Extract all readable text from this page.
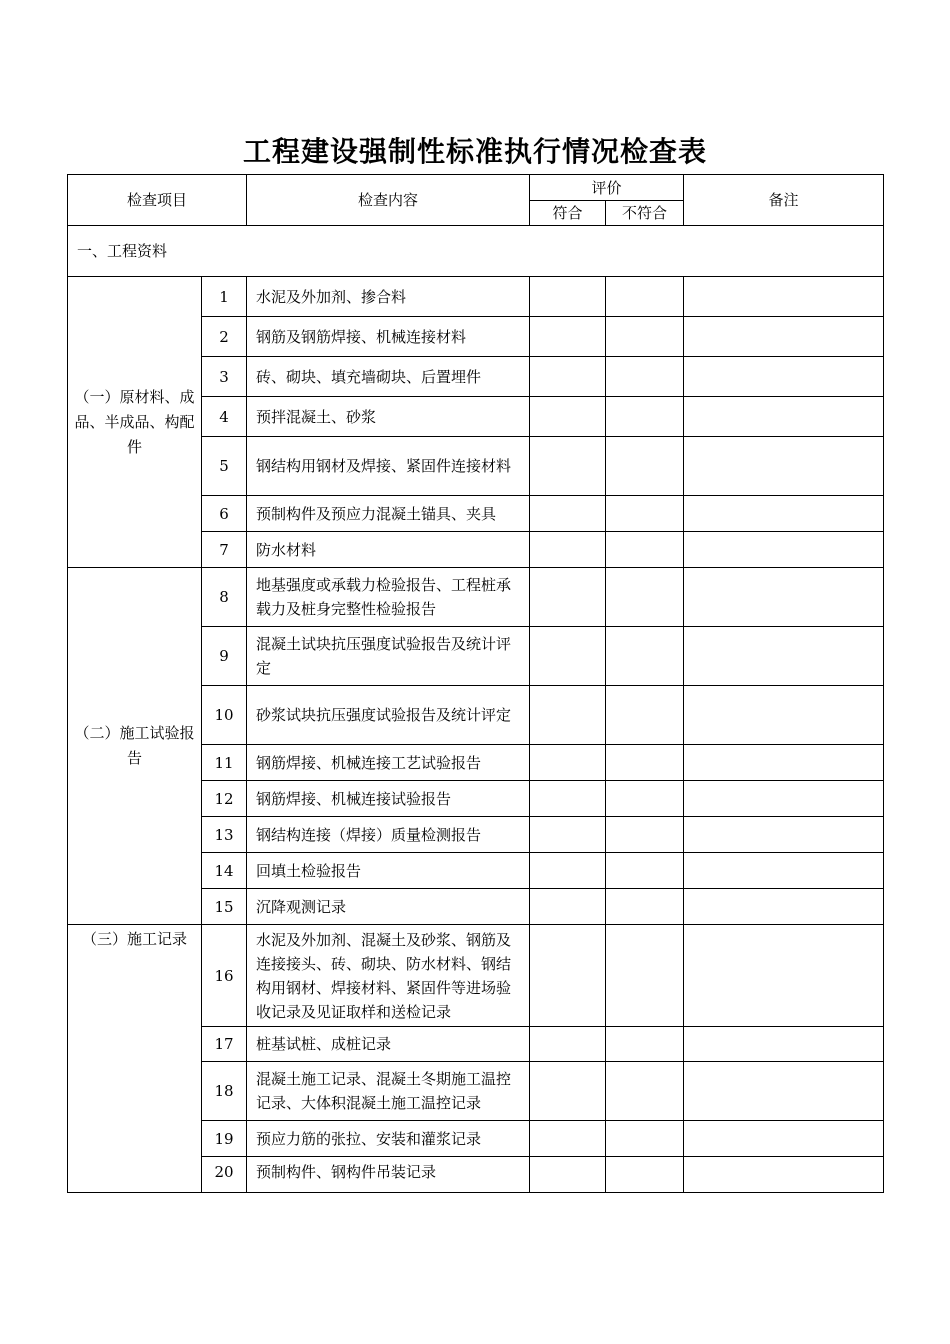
工程建设强制性标准执行情况检查表
检查项目		检查内容	评价		备注
			符合	不符合	
一、工程资料					
（一）原材料、成品、半成品、构配件	1	水泥及外加剂、掺合料			
	2	钢筋及钢筋焊接、机械连接材料			
	3	砖、砌块、填充墙砌块、后置埋件			
	4	预拌混凝土、砂浆			
	5	钢结构用钢材及焊接、紧固件连接材料			
	6	预制构件及预应力混凝土锚具、夹具			
	7	防水材料			
（二）施工试验报告	8	地基强度或承载力检验报告、工程桩承载力及桩身完整性检验报告			
	9	混凝土试块抗压强度试验报告及统计评定			
	10	砂浆试块抗压强度试验报告及统计评定			
	11	钢筋焊接、机械连接工艺试验报告			
	12	钢筋焊接、机械连接试验报告			
	13	钢结构连接（焊接）质量检测报告			
	14	回填土检验报告			
	15	沉降观测记录			
（三）施工记录	16	水泥及外加剂、混凝土及砂浆、钢筋及连接接头、砖、砌块、防水材料、钢结构用钢材、焊接材料、紧固件等进场验收记录及见证取样和送检记录			
	17	桩基试桩、成桩记录			
	18	混凝土施工记录、混凝土冬期施工温控记录、大体积混凝土施工温控记录			
	19	预应力筋的张拉、安装和灌浆记录			
	20	预制构件、钢构件吊装记录			
